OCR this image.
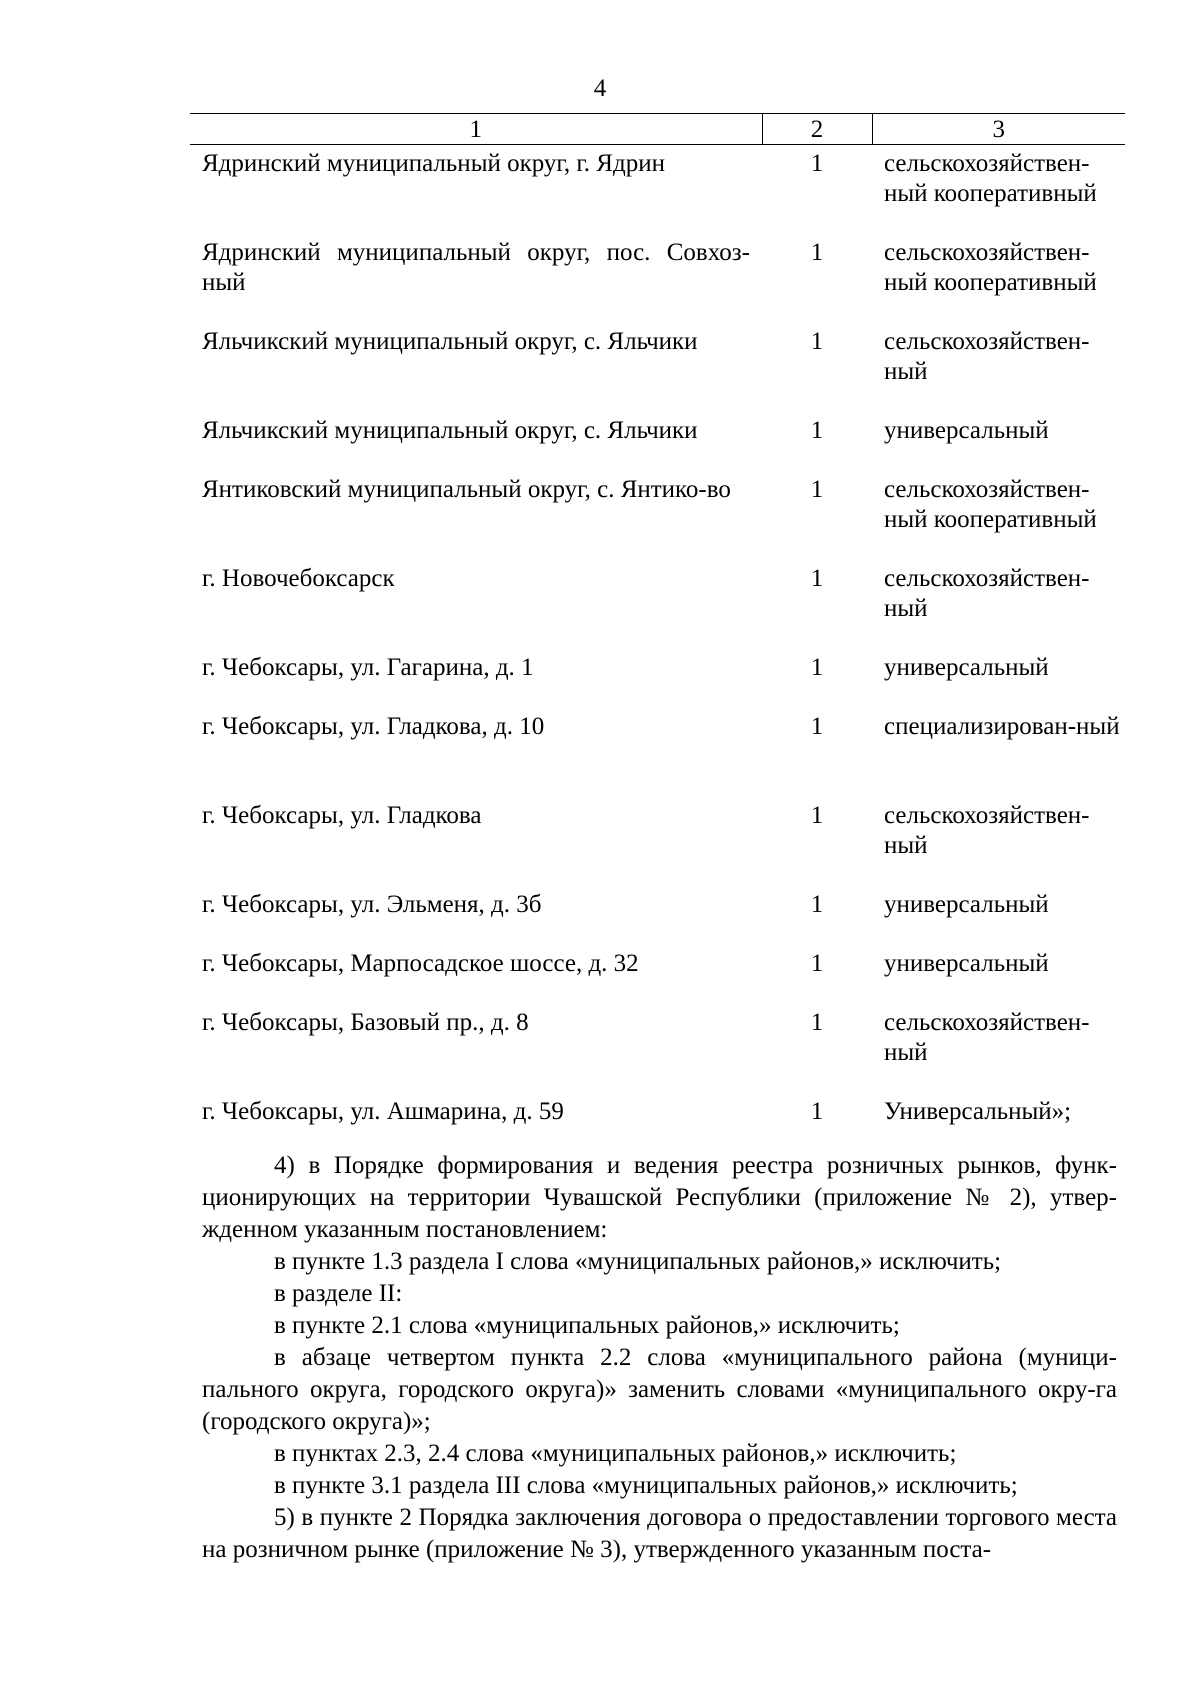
4
1	2	3
Ядринский муниципальный округ, г. Ядрин	1	сельскохозяйствен-ный кооперативный
Ядринский муниципальный округ, пос. Совхоз-ный	1	сельскохозяйствен-ный кооперативный
Яльчикский муниципальный округ, с. Яльчики	1	сельскохозяйствен-ный
Яльчикский муниципальный округ, с. Яльчики	1	универсальный
Янтиковский муниципальный округ, с. Янтико-во	1	сельскохозяйствен-ный кооперативный
г. Новочебоксарск	1	сельскохозяйствен-ный
г. Чебоксары, ул. Гагарина, д. 1	1	универсальный
г. Чебоксары, ул. Гладкова, д. 10	1	специализирован-ный
г. Чебоксары, ул. Гладкова	1	сельскохозяйствен-ный
г. Чебоксары, ул. Эльменя, д. 3б	1	универсальный
г. Чебоксары, Марпосадское шоссе, д. 32	1	универсальный
г. Чебоксары, Базовый пр., д. 8	1	сельскохозяйствен-ный
г. Чебоксары, ул. Ашмарина, д. 59	1	Универсальный»;

4) в Порядке формирования и ведения реестра розничных рынков, функ-ционирующих на территории Чувашской Республики (приложение № 2), утвер-жденном указанным постановлением:

в пункте 1.3 раздела I слова «муниципальных районов,» исключить;

в разделе II:

в пункте 2.1 слова «муниципальных районов,» исключить;

в абзаце четвертом пункта 2.2 слова «муниципального района (муници-пального округа, городского округа)» заменить словами «муниципального окру-га (городского округа)»;

в пунктах 2.3, 2.4 слова «муниципальных районов,» исключить;

в пункте 3.1 раздела III слова «муниципальных районов,» исключить;

5) в пункте 2 Порядка заключения договора о предоставлении торгового места на розничном рынке (приложение № 3), утвержденного указанным поста-
